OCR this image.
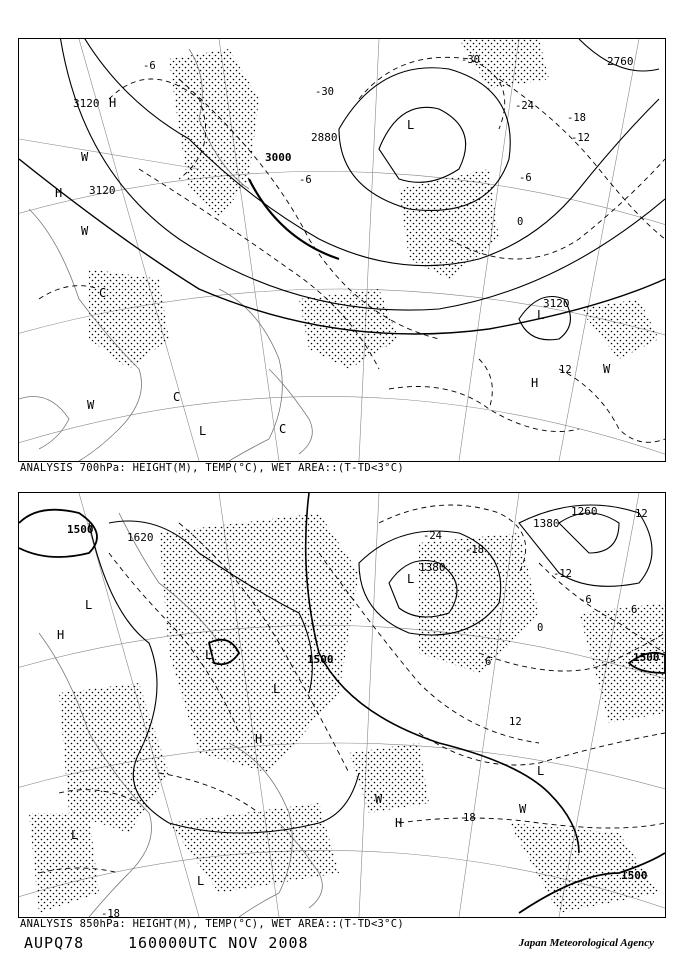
H
H
L
L
H
L
W
W
W
W
C
C
C
3120
3120
2880
3000
3120
2760
-30
-30
-24
-18
-12
-6
0
-6
12
-6
ANALYSIS 700hPa: HEIGHT(M), TEMP(°C), WET AREA::(T-TD<3°C)
L
H
L
L
H
H
L
W
W
L
L
L
1500
1620
1380
1500
1380
1260
1500
1500
-24
-18
-12
-6
0
6
12
18
-18
6
12
ANALYSIS 850hPa: HEIGHT(M), TEMP(°C), WET AREA::(T-TD<3°C)
AUPQ78	160000UTC NOV 2008	Japan Meteorological Agency
